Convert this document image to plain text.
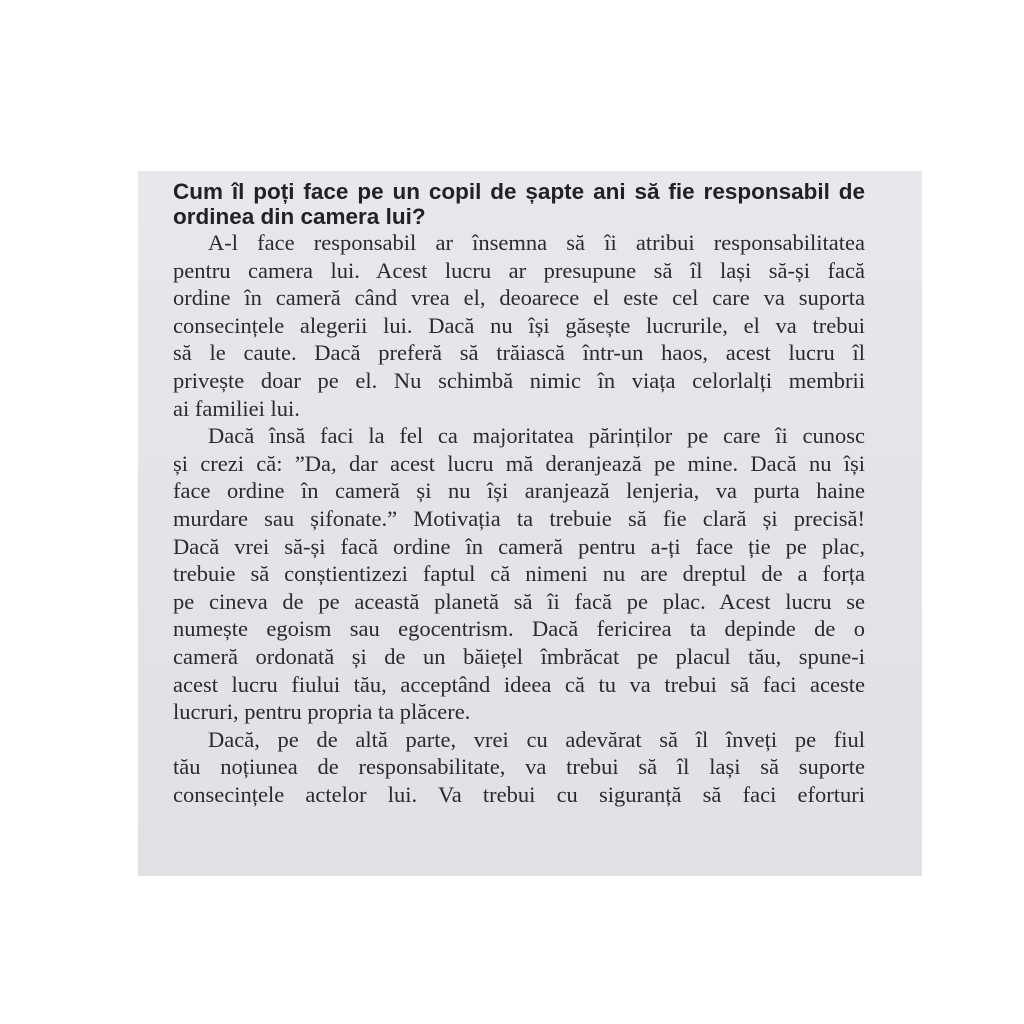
Cum îl poți face pe un copil de șapte ani să fie responsabil de
ordinea din camera lui?

A-l face responsabil ar însemna să îi atribui responsabilitatea
pentru camera lui. Acest lucru ar presupune să îl lași să-și facă
ordine în cameră când vrea el, deoarece el este cel care va suporta
consecințele alegerii lui. Dacă nu își găsește lucrurile, el va trebui
să le caute. Dacă preferă să trăiască într-un haos, acest lucru îl
privește doar pe el. Nu schimbă nimic în viața celorlalți membrii
ai familiei lui.

Dacă însă faci la fel ca majoritatea părinților pe care îi cunosc
și crezi că: ”Da, dar acest lucru mă deranjează pe mine. Dacă nu își
face ordine în cameră și nu își aranjează lenjeria, va purta haine
murdare sau șifonate.” Motivația ta trebuie să fie clară și precisă!
Dacă vrei să-și facă ordine în cameră pentru a-ți face ție pe plac,
trebuie să conștientizezi faptul că nimeni nu are dreptul de a forța
pe cineva de pe această planetă să îi facă pe plac. Acest lucru se
numește egoism sau egocentrism. Dacă fericirea ta depinde de o
cameră ordonată și de un băiețel îmbrăcat pe placul tău, spune-i
acest lucru fiului tău, acceptând ideea că tu va trebui să faci aceste
lucruri, pentru propria ta plăcere.

Dacă, pe de altă parte, vrei cu adevărat să îl înveți pe fiul
tău noțiunea de responsabilitate, va trebui să îl lași să suporte
consecințele actelor lui. Va trebui cu siguranță să faci eforturi
